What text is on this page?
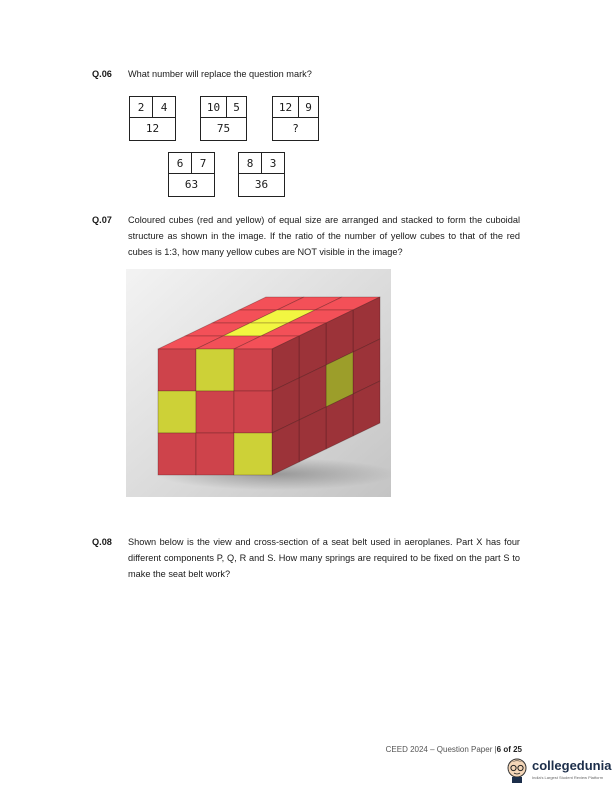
Q.06 What number will replace the question mark?
2	4
12
10	5
75
12	9
?
6	7
63
8	3
36
Q.07 Coloured cubes (red and yellow) of equal size are arranged and stacked to form the cuboidal structure as shown in the image. If the ratio of the number of yellow cubes to that of the red cubes is 1:3, how many yellow cubes are NOT visible in the image?
Q.08 Shown below is the view and cross-section of a seat belt used in aeroplanes. Part X has four different components P, Q, R and S. How many springs are required to be fixed on the part S to make the seat belt work?
CEED 2024 – Question Paper |6 of 25
collegedunia
India's Largest Student Review Platform
